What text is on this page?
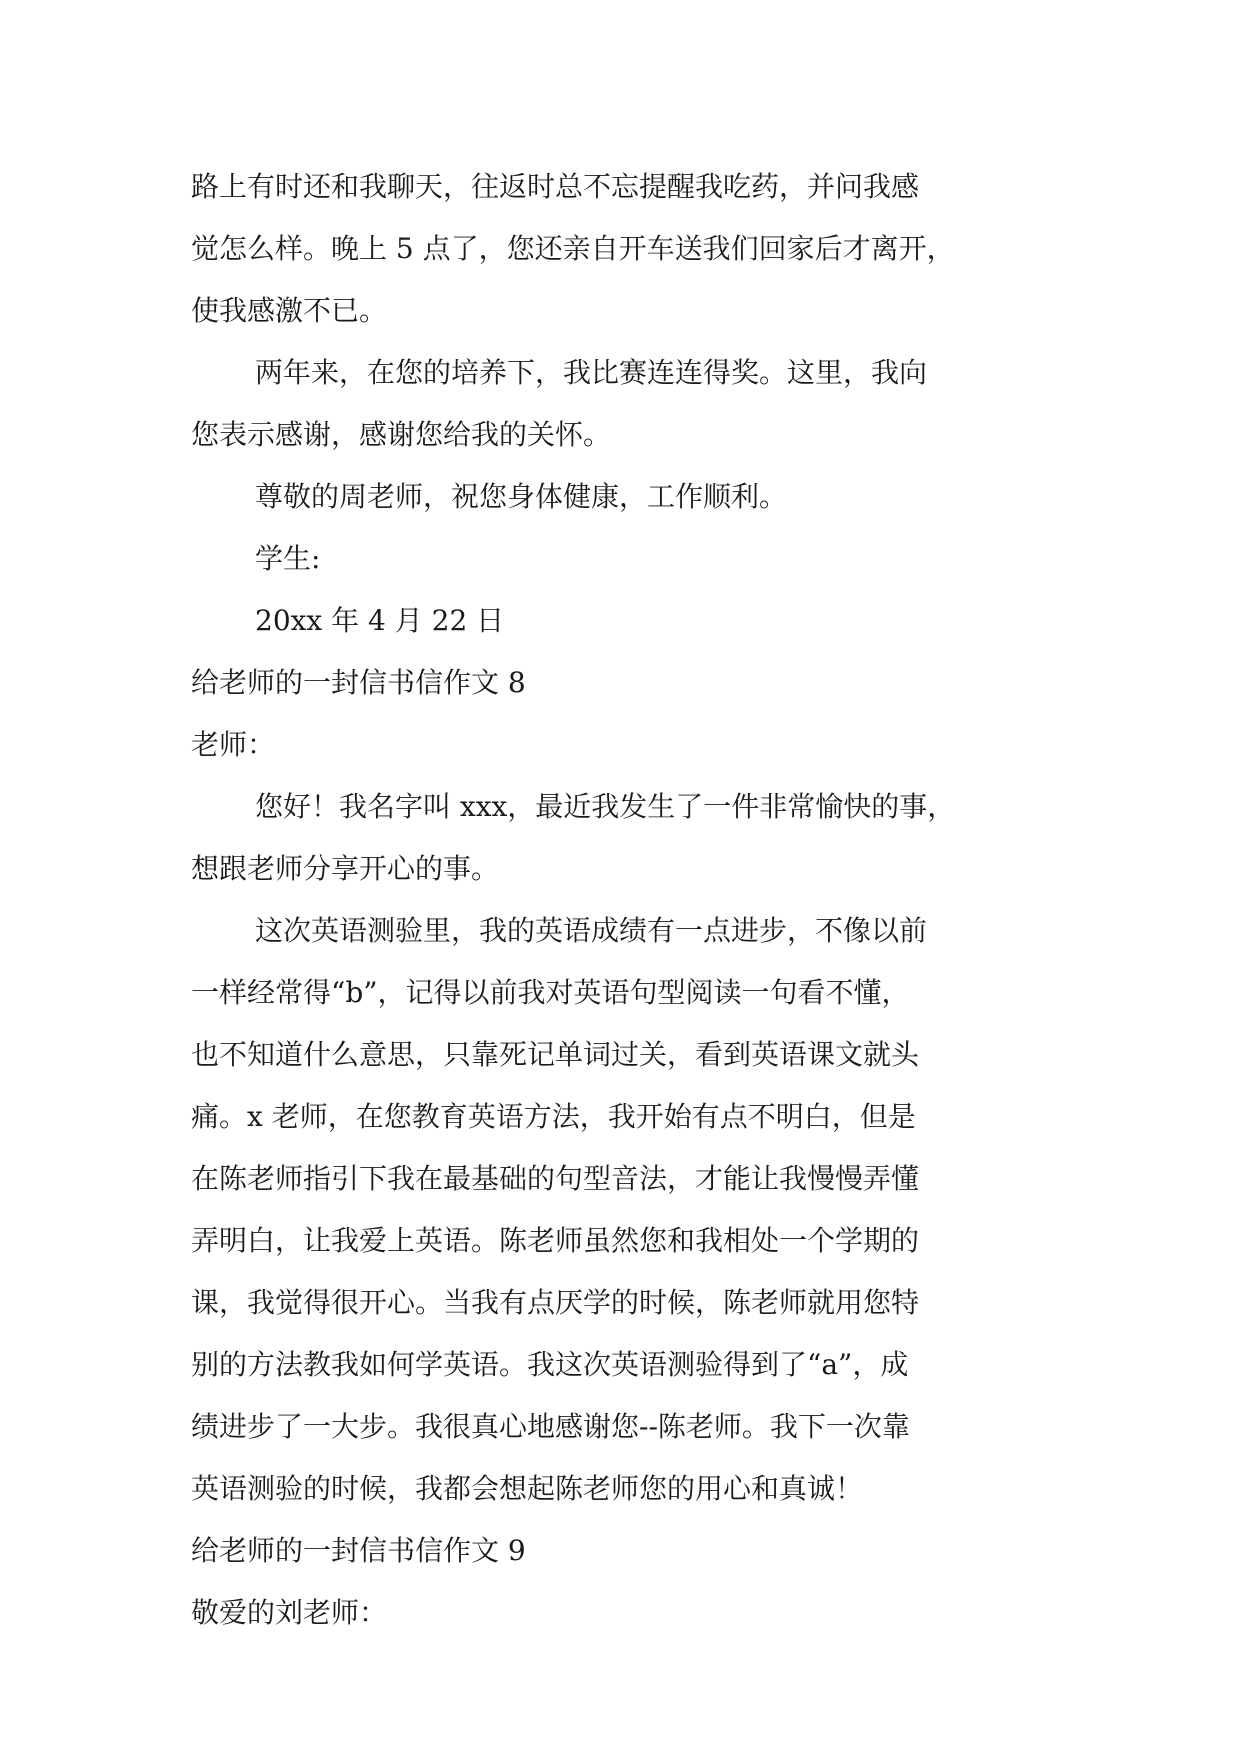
路上有时还和我聊天，往返时总不忘提醒我吃药，并问我感
觉怎么样。晚上 5 点了，您还亲自开车送我们回家后才离开，
使我感激不已。
两年来，在您的培养下，我比赛连连得奖。这里，我向
您表示感谢，感谢您给我的关怀。
尊敬的周老师，祝您身体健康，工作顺利。
学生:
20xx 年 4 月 22 日
给老师的一封信书信作文 8
老师：
您好！我名字叫 xxx，最近我发生了一件非常愉快的事，
想跟老师分享开心的事。
这次英语测验里，我的英语成绩有一点进步，不像以前
一样经常得“b”，记得以前我对英语句型阅读一句看不懂，
也不知道什么意思，只靠死记单词过关，看到英语课文就头
痛。x 老师，在您教育英语方法，我开始有点不明白，但是
在陈老师指引下我在最基础的句型音法，才能让我慢慢弄懂
弄明白，让我爱上英语。陈老师虽然您和我相处一个学期的
课，我觉得很开心。当我有点厌学的时候，陈老师就用您特
别的方法教我如何学英语。我这次英语测验得到了“a”，成
绩进步了一大步。我很真心地感谢您--陈老师。我下一次靠
英语测验的时候，我都会想起陈老师您的用心和真诚！
给老师的一封信书信作文 9
敬爱的刘老师：
